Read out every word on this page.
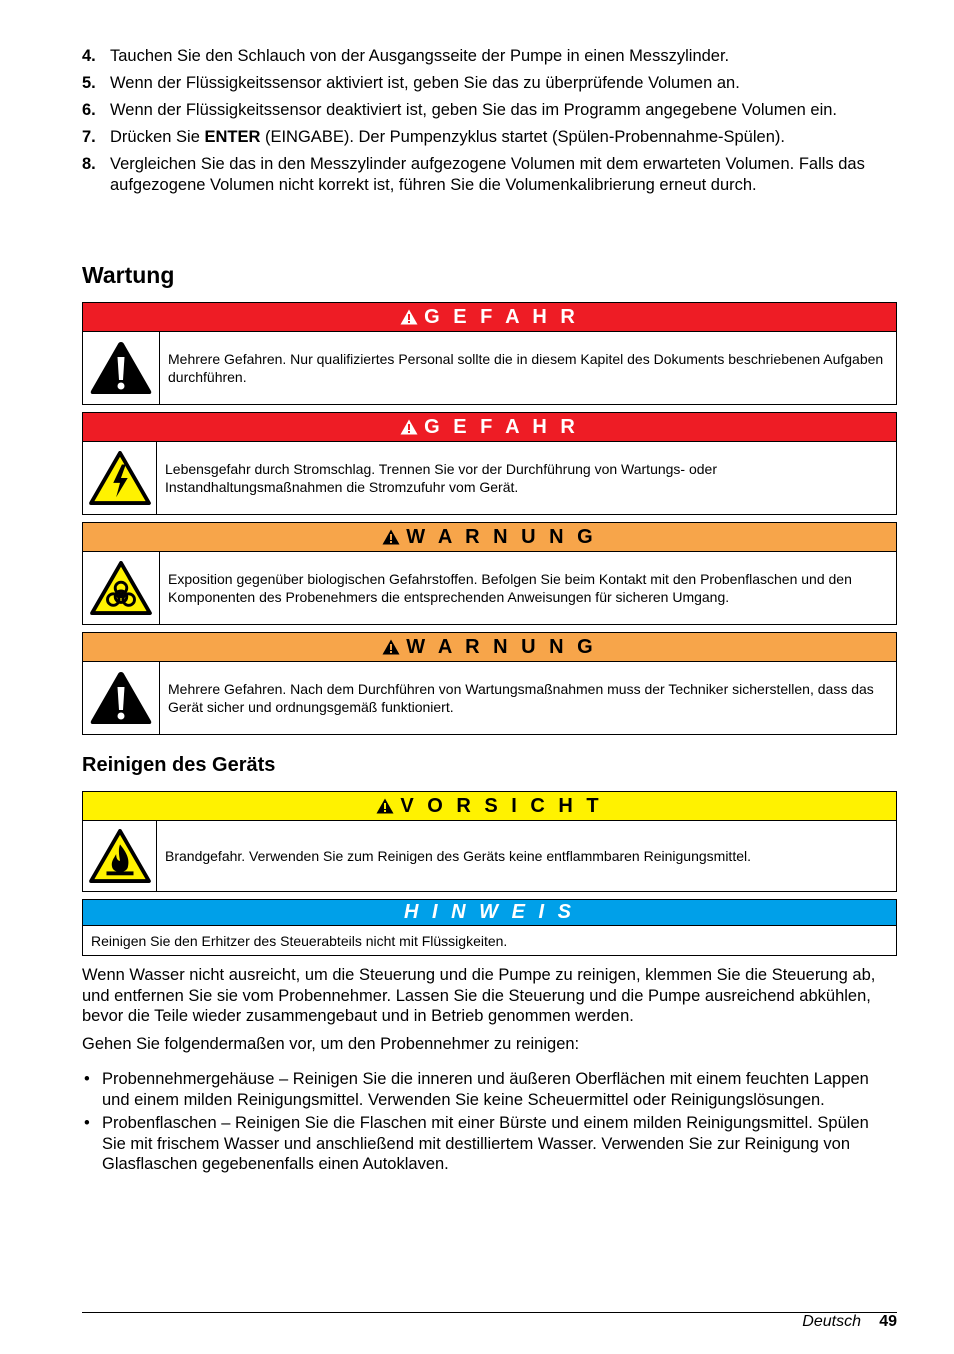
4. Tauchen Sie den Schlauch von der Ausgangsseite der Pumpe in einen Messzylinder.
5. Wenn der Flüssigkeitssensor aktiviert ist, geben Sie das zu überprüfende Volumen an.
6. Wenn der Flüssigkeitssensor deaktiviert ist, geben Sie das im Programm angegebene Volumen ein.
7. Drücken Sie ENTER (EINGABE). Der Pumpenzyklus startet (Spülen-Probennahme-Spülen).
8. Vergleichen Sie das in den Messzylinder aufgezogene Volumen mit dem erwarteten Volumen. Falls das aufgezogene Volumen nicht korrekt ist, führen Sie die Volumenkalibrierung erneut durch.
Wartung
G E F A H R
Mehrere Gefahren. Nur qualifiziertes Personal sollte die in diesem Kapitel des Dokuments beschriebenen Aufgaben durchführen.
G E F A H R
Lebensgefahr durch Stromschlag. Trennen Sie vor der Durchführung von Wartungs- oder Instandhaltungsmaßnahmen die Stromzufuhr vom Gerät.
W A R N U N G
Exposition gegenüber biologischen Gefahrstoffen. Befolgen Sie beim Kontakt mit den Probenflaschen und den Komponenten des Probenehmers die entsprechenden Anweisungen für sicheren Umgang.
W A R N U N G
Mehrere Gefahren. Nach dem Durchführen von Wartungsmaßnahmen muss der Techniker sicherstellen, dass das Gerät sicher und ordnungsgemäß funktioniert.
Reinigen des Geräts
V O R S I C H T
Brandgefahr. Verwenden Sie zum Reinigen des Geräts keine entflammbaren Reinigungsmittel.
H I N W E I S
Reinigen Sie den Erhitzer des Steuerabteils nicht mit Flüssigkeiten.

Wenn Wasser nicht ausreicht, um die Steuerung und die Pumpe zu reinigen, klemmen Sie die Steuerung ab, und entfernen Sie sie vom Probennehmer. Lassen Sie die Steuerung und die Pumpe ausreichend abkühlen, bevor die Teile wieder zusammengebaut und in Betrieb genommen werden.

Gehen Sie folgendermaßen vor, um den Probennehmer zu reinigen:

• Probennehmergehäuse – Reinigen Sie die inneren und äußeren Oberflächen mit einem feuchten Lappen und einem milden Reinigungsmittel. Verwenden Sie keine Scheuermittel oder Reinigungslösungen.
• Probenflaschen – Reinigen Sie die Flaschen mit einer Bürste und einem milden Reinigungsmittel. Spülen Sie mit frischem Wasser und anschließend mit destilliertem Wasser. Verwenden Sie zur Reinigung von Glasflaschen gegebenenfalls einen Autoklaven.
Deutsch 49
